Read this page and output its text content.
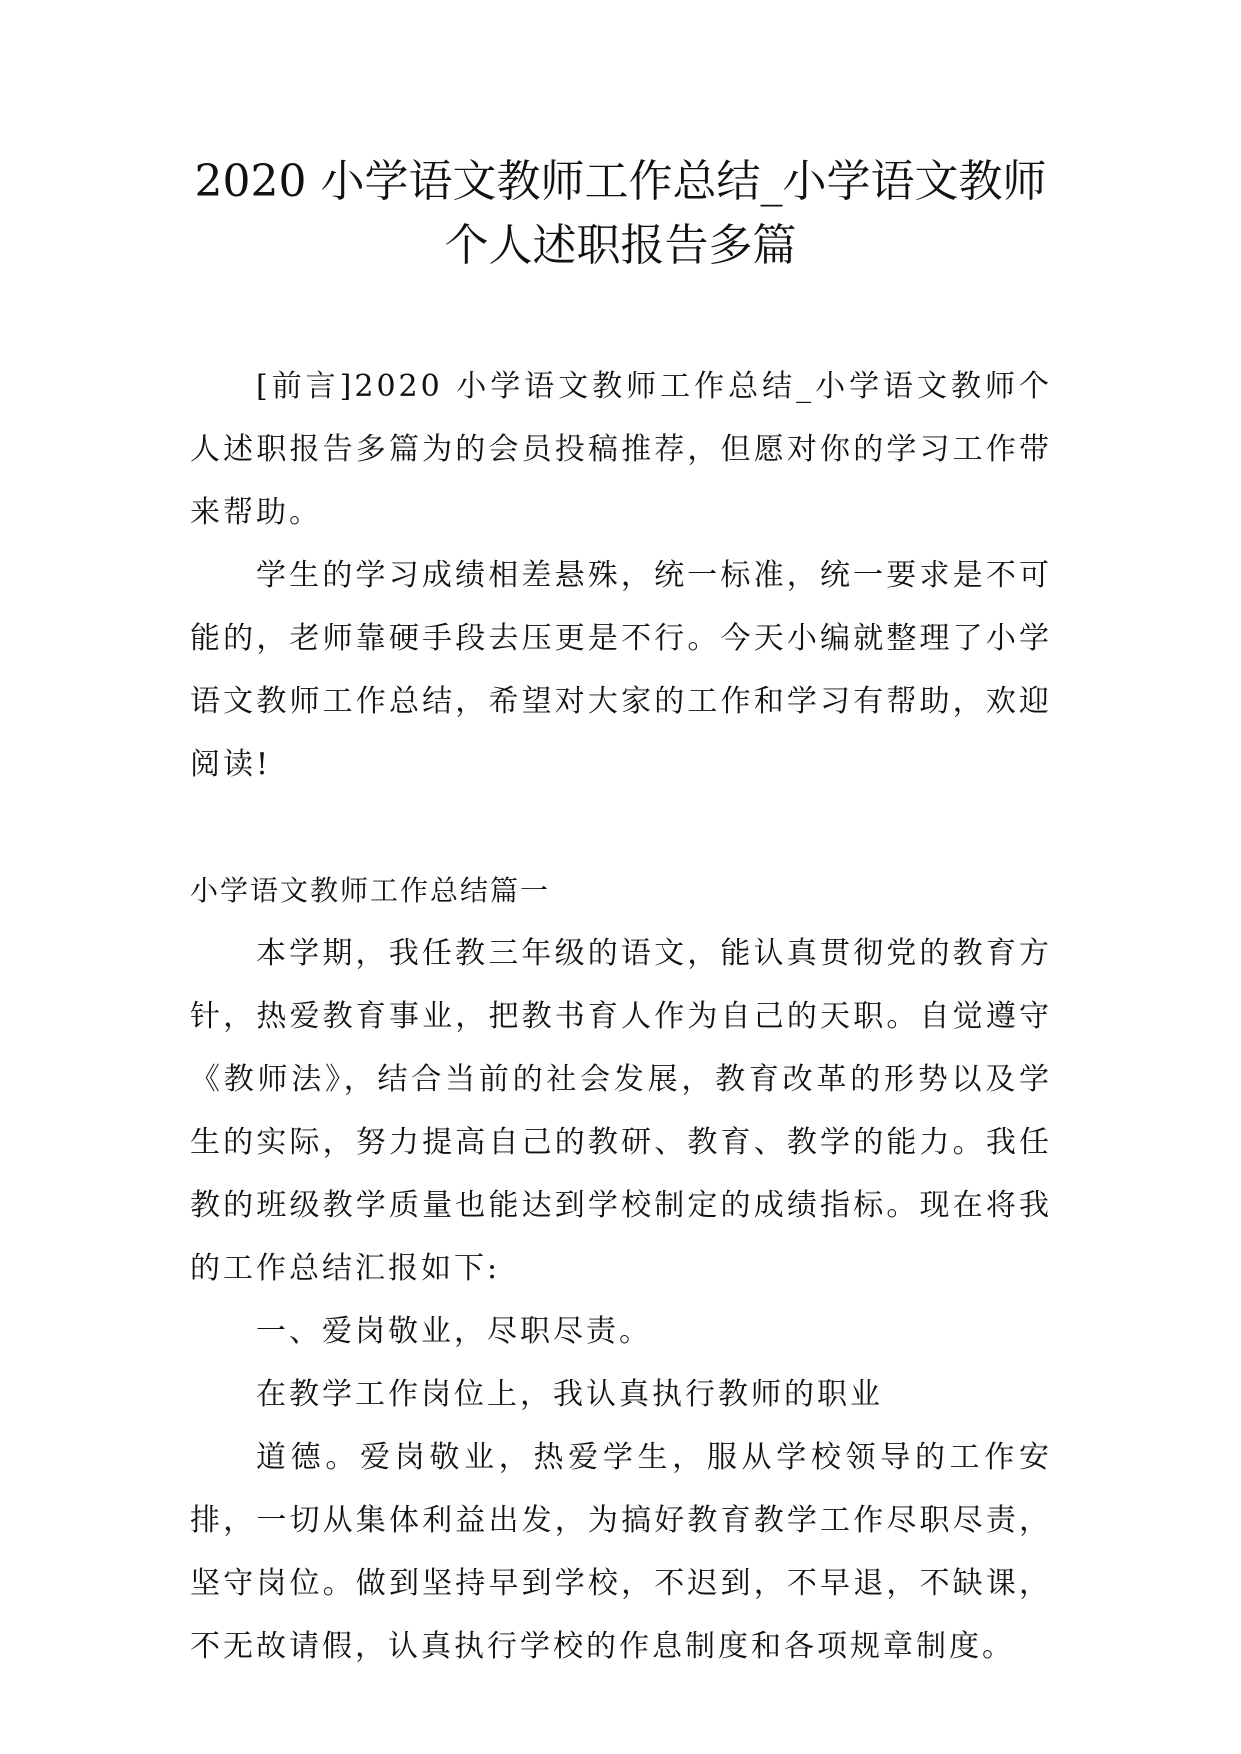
2020 小学语文教师工作总结_小学语文教师
个人述职报告多篇

[前言]2020 小学语文教师工作总结_小学语文教师个人述职报告多篇为的会员投稿推荐，但愿对你的学习工作带来帮助。

学生的学习成绩相差悬殊，统一标准，统一要求是不可能的，老师靠硬手段去压更是不行。今天小编就整理了小学语文教师工作总结，希望对大家的工作和学习有帮助，欢迎阅读!

小学语文教师工作总结篇一

本学期，我任教三年级的语文，能认真贯彻党的教育方针，热爱教育事业，把教书育人作为自己的天职。自觉遵守《教师法》，结合当前的社会发展，教育改革的形势以及学生的实际，努力提高自己的教研、教育、教学的能力。我任教的班级教学质量也能达到学校制定的成绩指标。现在将我的工作总结汇报如下:

一、爱岗敬业，尽职尽责。

在教学工作岗位上，我认真执行教师的职业

道德。爱岗敬业，热爱学生，服从学校领导的工作安排，一切从集体利益出发，为搞好教育教学工作尽职尽责，坚守岗位。做到坚持早到学校，不迟到，不早退，不缺课，不无故请假，认真执行学校的作息制度和各项规章制度。
